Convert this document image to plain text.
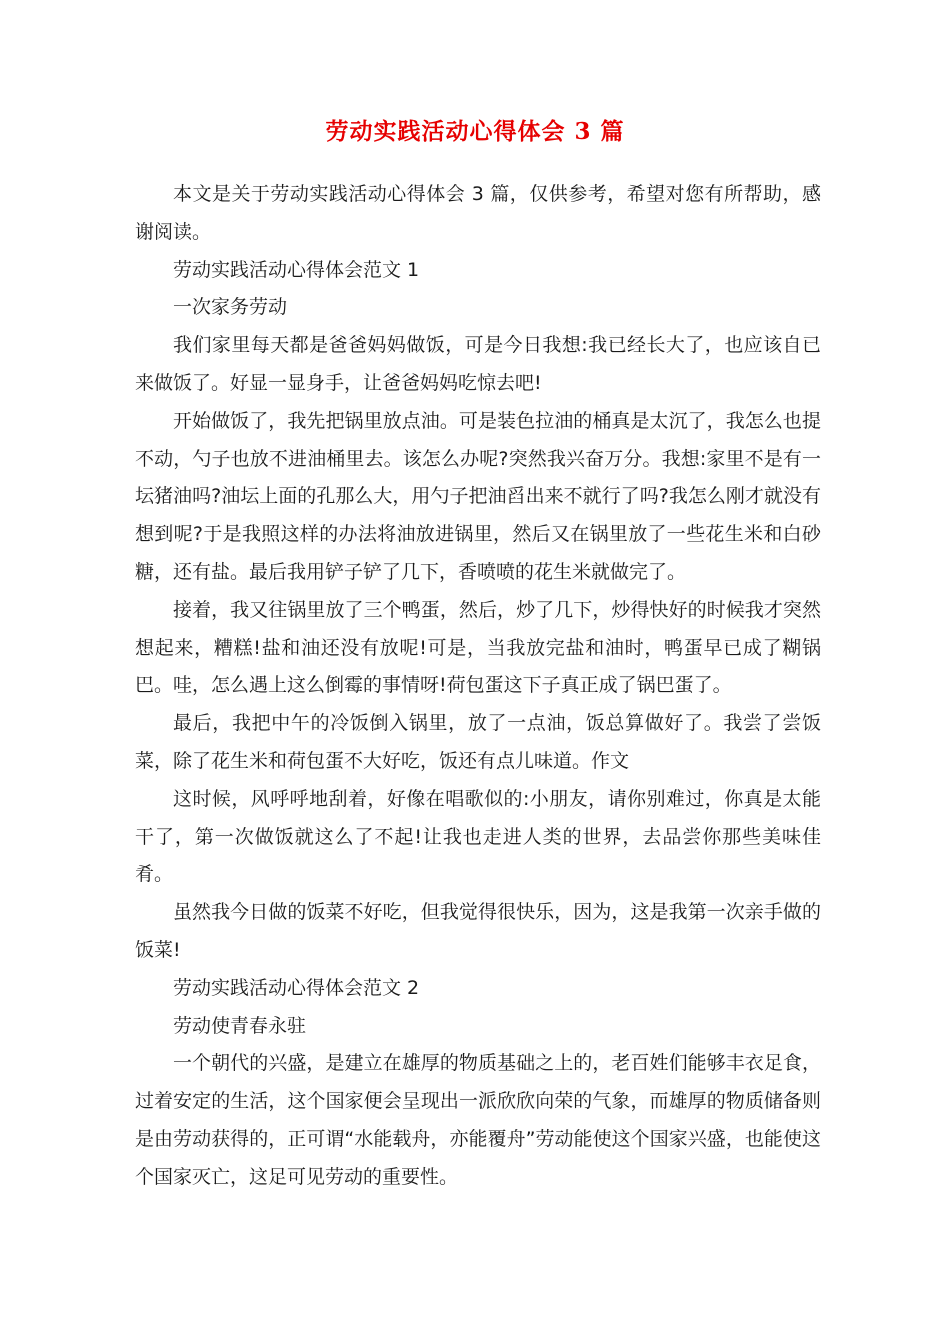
劳动实践活动心得体会 3 篇

本文是关于劳动实践活动心得体会 3 篇，仅供参考，希望对您有所帮助，感谢阅读。

劳动实践活动心得体会范文 1

一次家务劳动

我们家里每天都是爸爸妈妈做饭，可是今日我想:我已经长大了，也应该自已来做饭了。好显一显身手，让爸爸妈妈吃惊去吧!

开始做饭了，我先把锅里放点油。可是装色拉油的桶真是太沉了，我怎么也提不动，勺子也放不进油桶里去。该怎么办呢?突然我兴奋万分。我想:家里不是有一坛猪油吗?油坛上面的孔那么大，用勺子把油舀出来不就行了吗?我怎么刚才就没有想到呢?于是我照这样的办法将油放进锅里，然后又在锅里放了一些花生米和白砂糖，还有盐。最后我用铲子铲了几下，香喷喷的花生米就做完了。

接着，我又往锅里放了三个鸭蛋，然后，炒了几下，炒得快好的时候我才突然想起来，糟糕!盐和油还没有放呢!可是，当我放完盐和油时，鸭蛋早已成了糊锅巴。哇，怎么遇上这么倒霉的事情呀!荷包蛋这下子真正成了锅巴蛋了。

最后，我把中午的冷饭倒入锅里，放了一点油，饭总算做好了。我尝了尝饭菜，除了花生米和荷包蛋不大好吃，饭还有点儿味道。作文

这时候，风呼呼地刮着，好像在唱歌似的:小朋友，请你别难过，你真是太能干了，第一次做饭就这么了不起!让我也走进人类的世界，去品尝你那些美味佳肴。

虽然我今日做的饭菜不好吃，但我觉得很快乐，因为，这是我第一次亲手做的饭菜!

劳动实践活动心得体会范文 2

劳动使青春永驻

一个朝代的兴盛，是建立在雄厚的物质基础之上的，老百姓们能够丰衣足食，过着安定的生活，这个国家便会呈现出一派欣欣向荣的气象，而雄厚的物质储备则是由劳动获得的，正可谓“水能载舟，亦能覆舟”劳动能使这个国家兴盛，也能使这个国家灭亡，这足可见劳动的重要性。
